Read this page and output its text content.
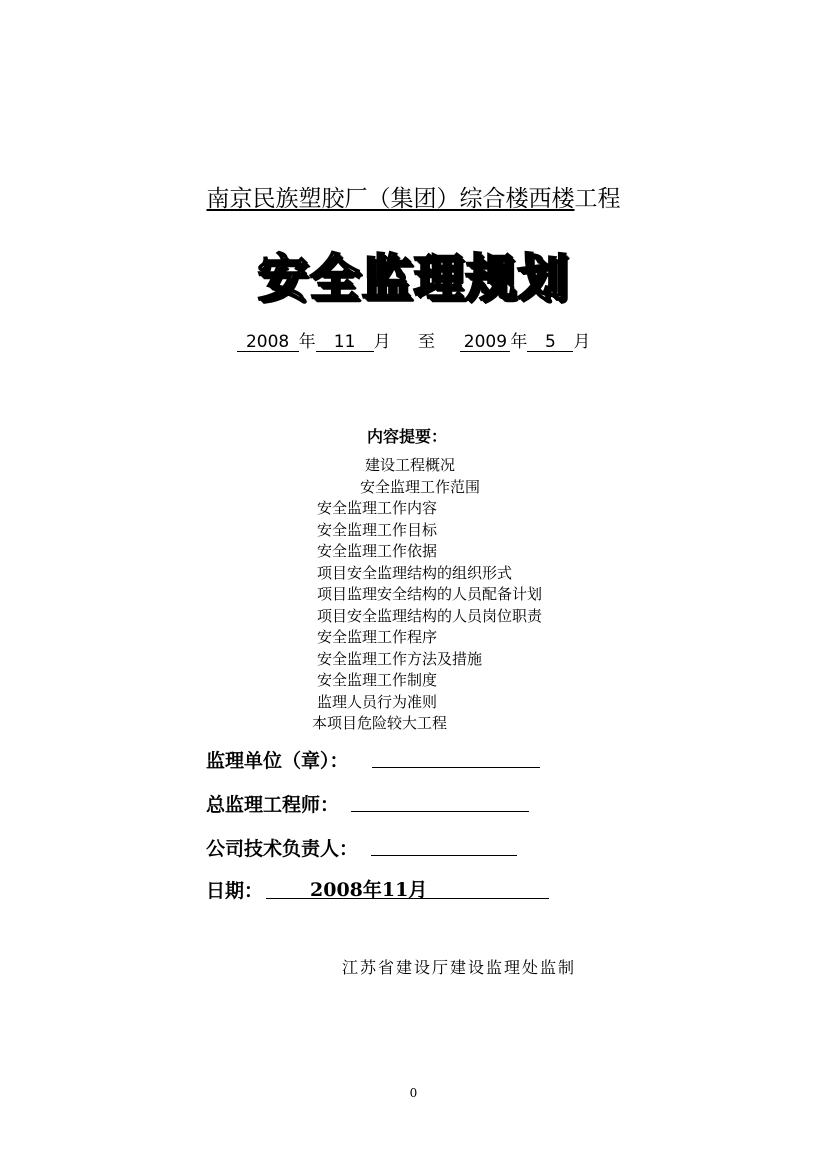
南京民族塑胶厂（集团）综合楼西楼工程
安全监理规划
2008 年 11 月 至 2009 年 5 月
内容提要：
建设工程概况
安全监理工作范围
安全监理工作内容
安全监理工作目标
安全监理工作依据
项目安全监理结构的组织形式
项目监理安全结构的人员配备计划
项目安全监理结构的人员岗位职责
安全监理工作程序
安全监理工作方法及措施
安全监理工作制度
监理人员行为准则
本项目危险较大工程
监理单位（章）：
总监理工程师：
公司技术负责人：
日期： 2008年11月
江苏省建设厅建设监理处监制
0
